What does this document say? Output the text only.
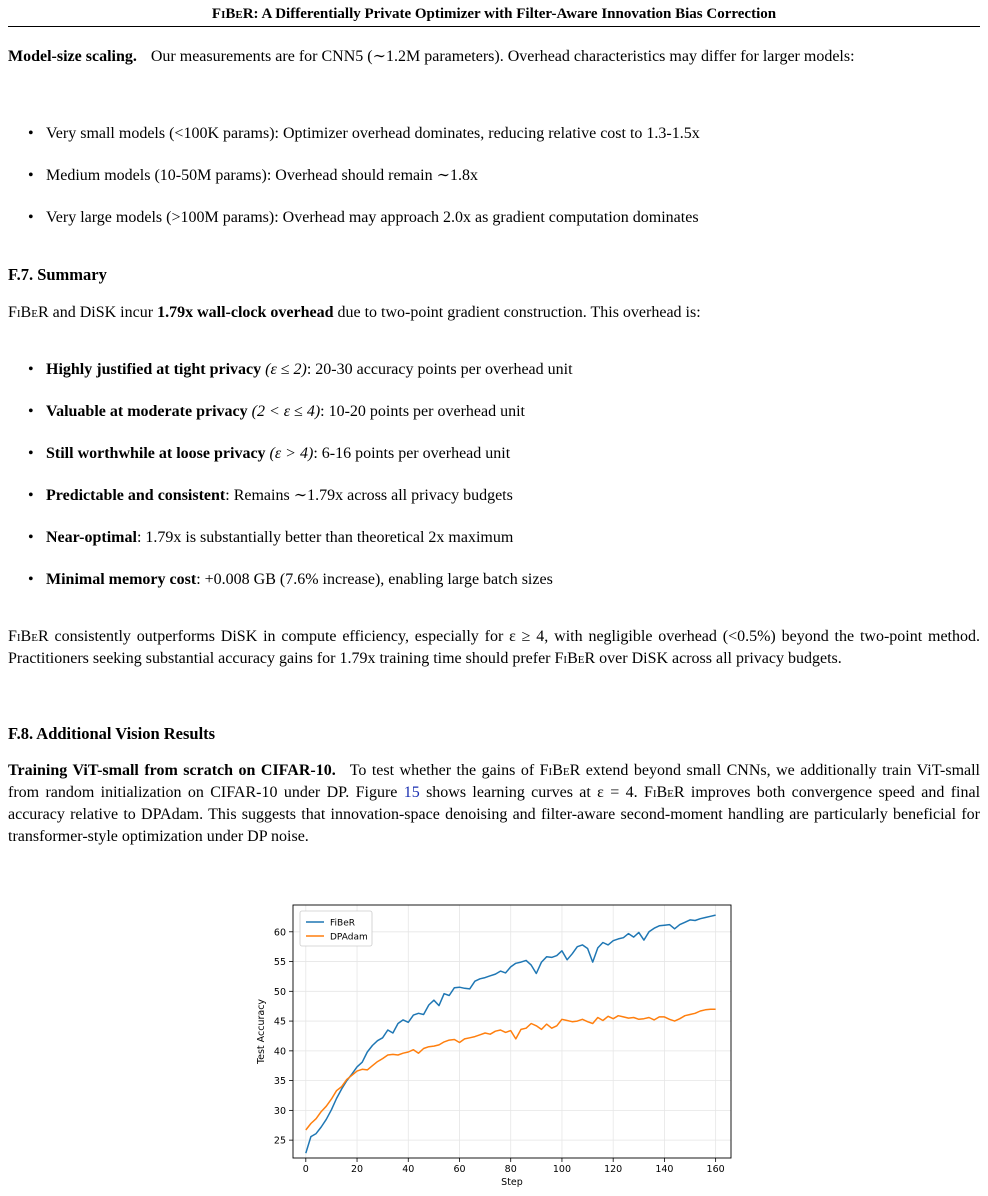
FiBeR: A Differentially Private Optimizer with Filter-Aware Innovation Bias Correction

Model-size scaling. Our measurements are for CNN5 (∼1.2M parameters). Overhead characteristics may differ for larger models:

• Very small models (<100K params): Optimizer overhead dominates, reducing relative cost to 1.3-1.5x
• Medium models (10-50M params): Overhead should remain ∼1.8x
• Very large models (>100M params): Overhead may approach 2.0x as gradient computation dominates
F.7. Summary

FiBeR and DiSK incur 1.79x wall-clock overhead due to two-point gradient construction. This overhead is:

• Highly justified at tight privacy (ε ≤ 2): 20-30 accuracy points per overhead unit
• Valuable at moderate privacy (2 < ε ≤ 4): 10-20 points per overhead unit
• Still worthwhile at loose privacy (ε > 4): 6-16 points per overhead unit
• Predictable and consistent: Remains ∼1.79x across all privacy budgets
• Near-optimal: 1.79x is substantially better than theoretical 2x maximum
• Minimal memory cost: +0.008 GB (7.6% increase), enabling large batch sizes

FiBeR consistently outperforms DiSK in compute efficiency, especially for ε ≥ 4, with negligible overhead (<0.5%) beyond the two-point method. Practitioners seeking substantial accuracy gains for 1.79x training time should prefer FiBeR over DiSK across all privacy budgets.

F.8. Additional Vision Results

Training ViT-small from scratch on CIFAR-10. To test whether the gains of FiBeR extend beyond small CNNs, we additionally train ViT-small from random initialization on CIFAR-10 under DP. Figure 15 shows learning curves at ε = 4. FiBeR improves both convergence speed and final accuracy relative to DPAdam. This suggests that innovation-space denoising and filter-aware second-moment handling are particularly beneficial for transformer-style optimization under DP noise.

0	20	40	60	80	100	120	140	160
25
30
35
40
45
50
55
60
Step
Test Accuracy
FiBeR
DPAdam
